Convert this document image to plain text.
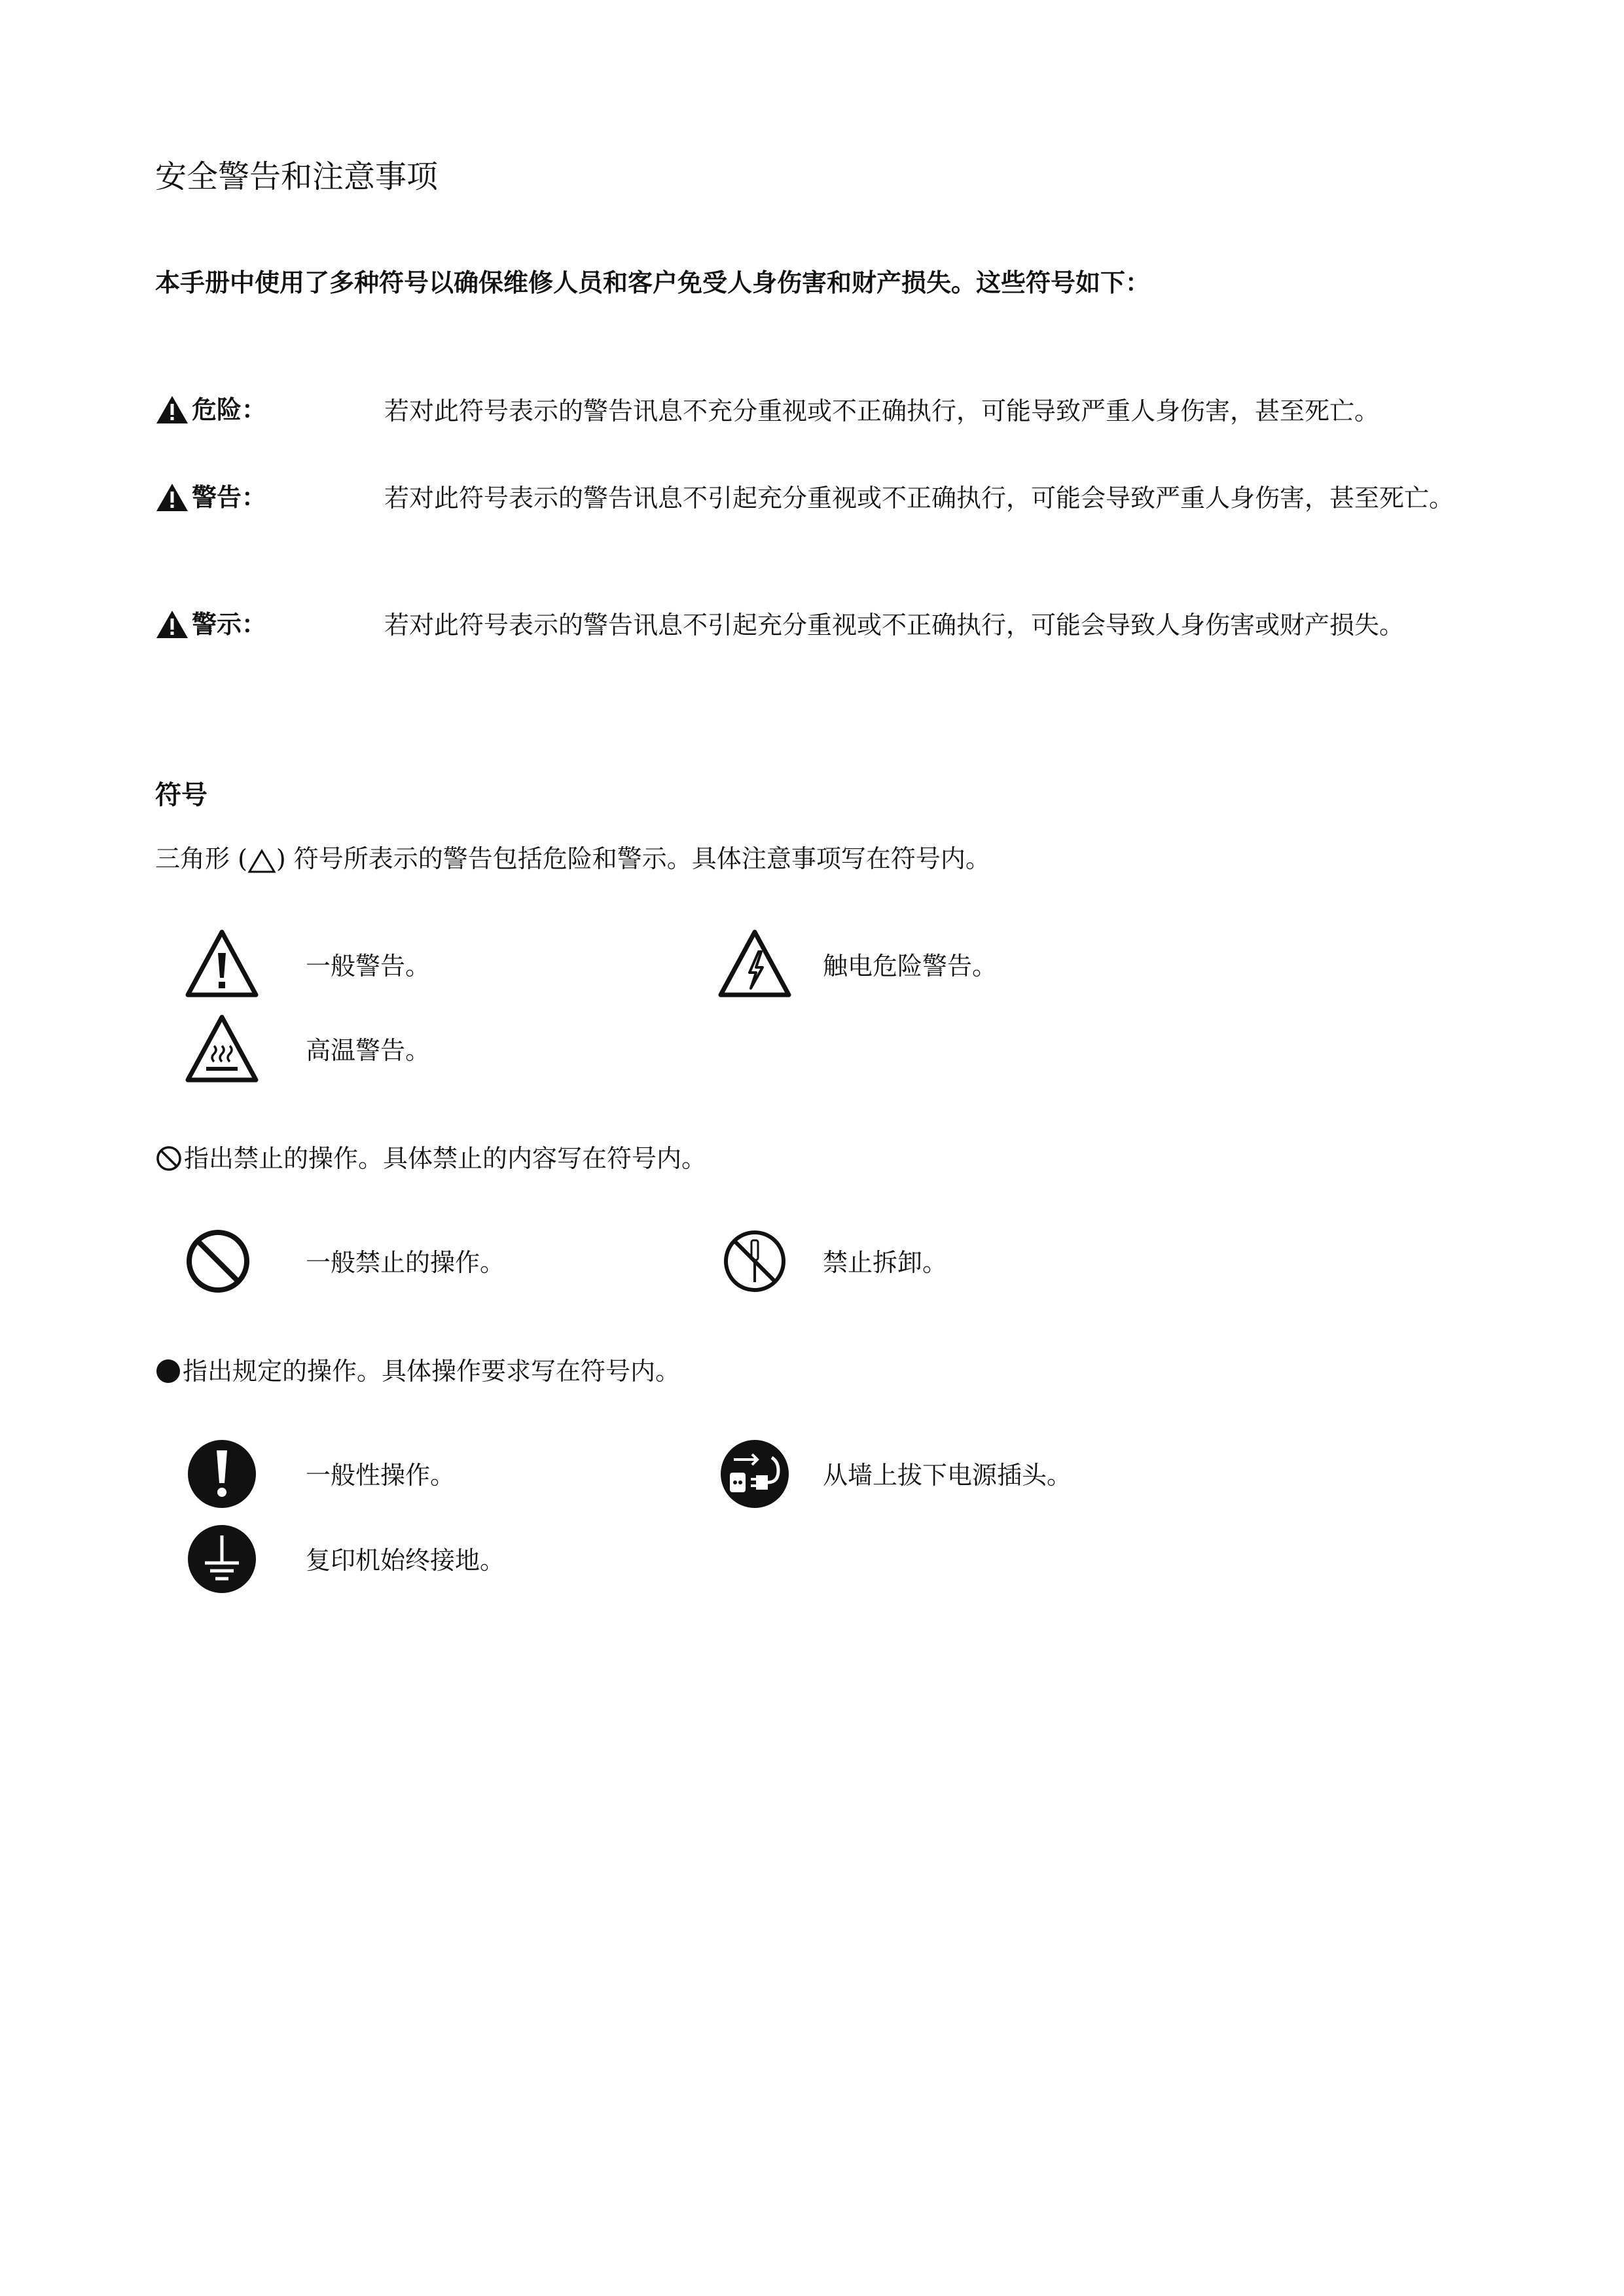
安全警告和注意事项
本手册中使用了多种符号以确保维修人员和客户免受人身伤害和财产损失。这些符号如下：
危险：	若对此符号表示的警告讯息不充分重视或不正确执行，可能导致严重人身伤害，甚至死亡。
警告：	若对此符号表示的警告讯息不引起充分重视或不正确执行，可能会导致严重人身伤害，甚至死亡。
警示：	若对此符号表示的警告讯息不引起充分重视或不正确执行，可能会导致人身伤害或财产损失。
符号
三角形 ( ) 符号所表示的警告包括危险和警示。具体注意事项写在符号内。
一般警告。	触电危险警告。
高温警告。
指出禁止的操作。具体禁止的内容写在符号内。
一般禁止的操作。	禁止拆卸。
指出规定的操作。具体操作要求写在符号内。
一般性操作。	从墙上拔下电源插头。
复印机始终接地。
